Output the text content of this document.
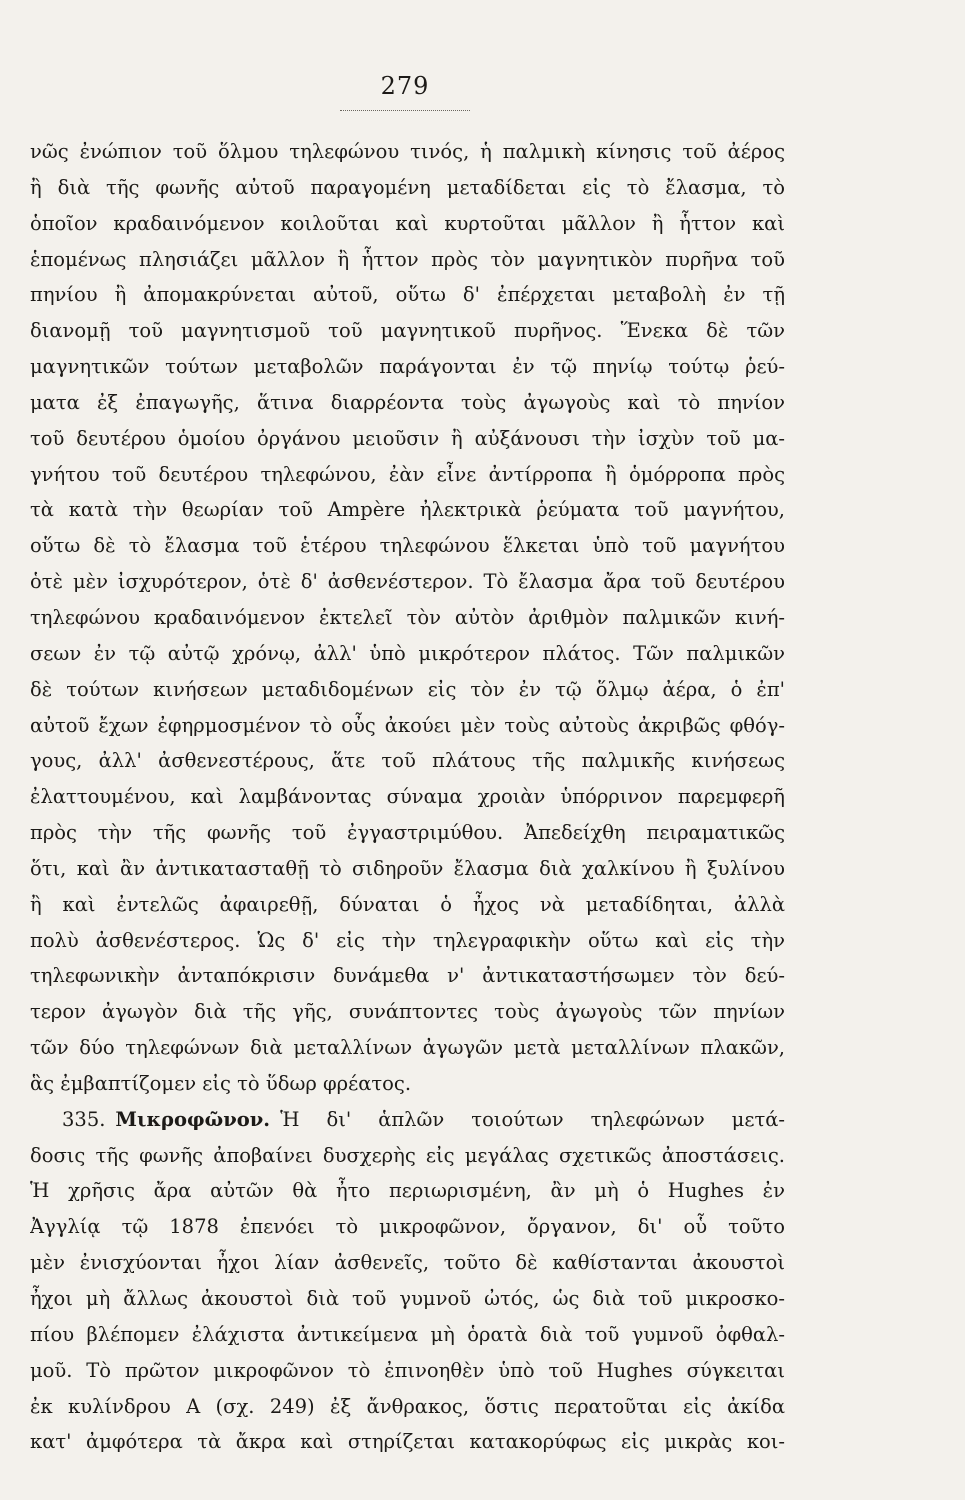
279
νῶς ἐνώπιον τοῦ ὅλμου τηλεφώνου τινός, ἡ παλμικὴ κίνησις τοῦ ἀέρος
ἢ διὰ τῆς φωνῆς αὐτοῦ παραγομένη μεταδίδεται εἰς τὸ ἔλασμα, τὸ
ὁποῖον κραδαινόμενον κοιλοῦται καὶ κυρτοῦται μᾶλλον ἢ ἧττον καὶ
ἑπομένως πλησιάζει μᾶλλον ἢ ἧττον πρὸς τὸν μαγνητικὸν πυρῆνα τοῦ
πηνίου ἢ ἀπομακρύνεται αὐτοῦ, οὕτω δ' ἐπέρχεται μεταβολὴ ἐν τῇ
διανομῇ τοῦ μαγνητισμοῦ τοῦ μαγνητικοῦ πυρῆνος. Ἕνεκα δὲ τῶν
μαγνητικῶν τούτων μεταβολῶν παράγονται ἐν τῷ πηνίῳ τούτῳ ῥεύ-
ματα ἐξ ἐπαγωγῆς, ἅτινα διαρρέοντα τοὺς ἀγωγοὺς καὶ τὸ πηνίον
τοῦ δευτέρου ὁμοίου ὀργάνου μειοῦσιν ἢ αὐξάνουσι τὴν ἰσχὺν τοῦ μα-
γνήτου τοῦ δευτέρου τηλεφώνου, ἐὰν εἶνε ἀντίρροπα ἢ ὁμόρροπα πρὸς
τὰ κατὰ τὴν θεωρίαν τοῦ Ampère ἠλεκτρικὰ ῥεύματα τοῦ μαγνήτου,
οὕτω δὲ τὸ ἔλασμα τοῦ ἑτέρου τηλεφώνου ἕλκεται ὑπὸ τοῦ μαγνήτου
ὁτὲ μὲν ἰσχυρότερον, ὁτὲ δ' ἀσθενέστερον. Τὸ ἔλασμα ἄρα τοῦ δευτέρου
τηλεφώνου κραδαινόμενον ἐκτελεῖ τὸν αὐτὸν ἀριθμὸν παλμικῶν κινή-
σεων ἐν τῷ αὐτῷ χρόνῳ, ἀλλ' ὑπὸ μικρότερον πλάτος. Τῶν παλμικῶν
δὲ τούτων κινήσεων μεταδιδομένων εἰς τὸν ἐν τῷ ὅλμῳ ἀέρα, ὁ ἐπ'
αὐτοῦ ἔχων ἐφηρμοσμένον τὸ οὖς ἀκούει μὲν τοὺς αὐτοὺς ἀκριβῶς φθόγ-
γους, ἀλλ' ἀσθενεστέρους, ἅτε τοῦ πλάτους τῆς παλμικῆς κινήσεως
ἐλαττουμένου, καὶ λαμβάνοντας σύναμα χροιὰν ὑπόρρινον παρεμφερῆ
πρὸς τὴν τῆς φωνῆς τοῦ ἐγγαστριμύθου. Ἀπεδείχθη πειραματικῶς
ὅτι, καὶ ἂν ἀντικατασταθῇ τὸ σιδηροῦν ἔλασμα διὰ χαλκίνου ἢ ξυλίνου
ἢ καὶ ἐντελῶς ἀφαιρεθῇ, δύναται ὁ ἦχος νὰ μεταδίδηται, ἀλλὰ
πολὺ ἀσθενέστερος. Ὡς δ' εἰς τὴν τηλεγραφικὴν οὕτω καὶ εἰς τὴν
τηλεφωνικὴν ἀνταπόκρισιν δυνάμεθα ν' ἀντικαταστήσωμεν τὸν δεύ-
τερον ἀγωγὸν διὰ τῆς γῆς, συνάπτοντες τοὺς ἀγωγοὺς τῶν πηνίων
τῶν δύο τηλεφώνων διὰ μεταλλίνων ἀγωγῶν μετὰ μεταλλίνων πλακῶν,
ἃς ἐμβαπτίζομεν εἰς τὸ ὕδωρ φρέατος.
335. Μικροφῶνον. Ἡ δι' ἁπλῶν τοιούτων τηλεφώνων μετά-
δοσις τῆς φωνῆς ἀποβαίνει δυσχερὴς εἰς μεγάλας σχετικῶς ἀποστάσεις.
Ἡ χρῆσις ἄρα αὐτῶν θὰ ἦτο περιωρισμένη, ἂν μὴ ὁ Hughes ἐν
Ἀγγλίᾳ τῷ 1878 ἐπενόει τὸ μικροφῶνον, ὄργανον, δι' οὗ τοῦτο
μὲν ἐνισχύονται ἦχοι λίαν ἀσθενεῖς, τοῦτο δὲ καθίστανται ἀκουστοὶ
ἦχοι μὴ ἄλλως ἀκουστοὶ διὰ τοῦ γυμνοῦ ὠτός, ὡς διὰ τοῦ μικροσκο-
πίου βλέπομεν ἐλάχιστα ἀντικείμενα μὴ ὁρατὰ διὰ τοῦ γυμνοῦ ὀφθαλ-
μοῦ. Τὸ πρῶτον μικροφῶνον τὸ ἐπινοηθὲν ὑπὸ τοῦ Hughes σύγκειται
ἐκ κυλίνδρου Α (σχ. 249) ἐξ ἄνθρακος, ὅστις περατοῦται εἰς ἀκίδα
κατ' ἀμφότερα τὰ ἄκρα καὶ στηρίζεται κατακορύφως εἰς μικρὰς κοι-
